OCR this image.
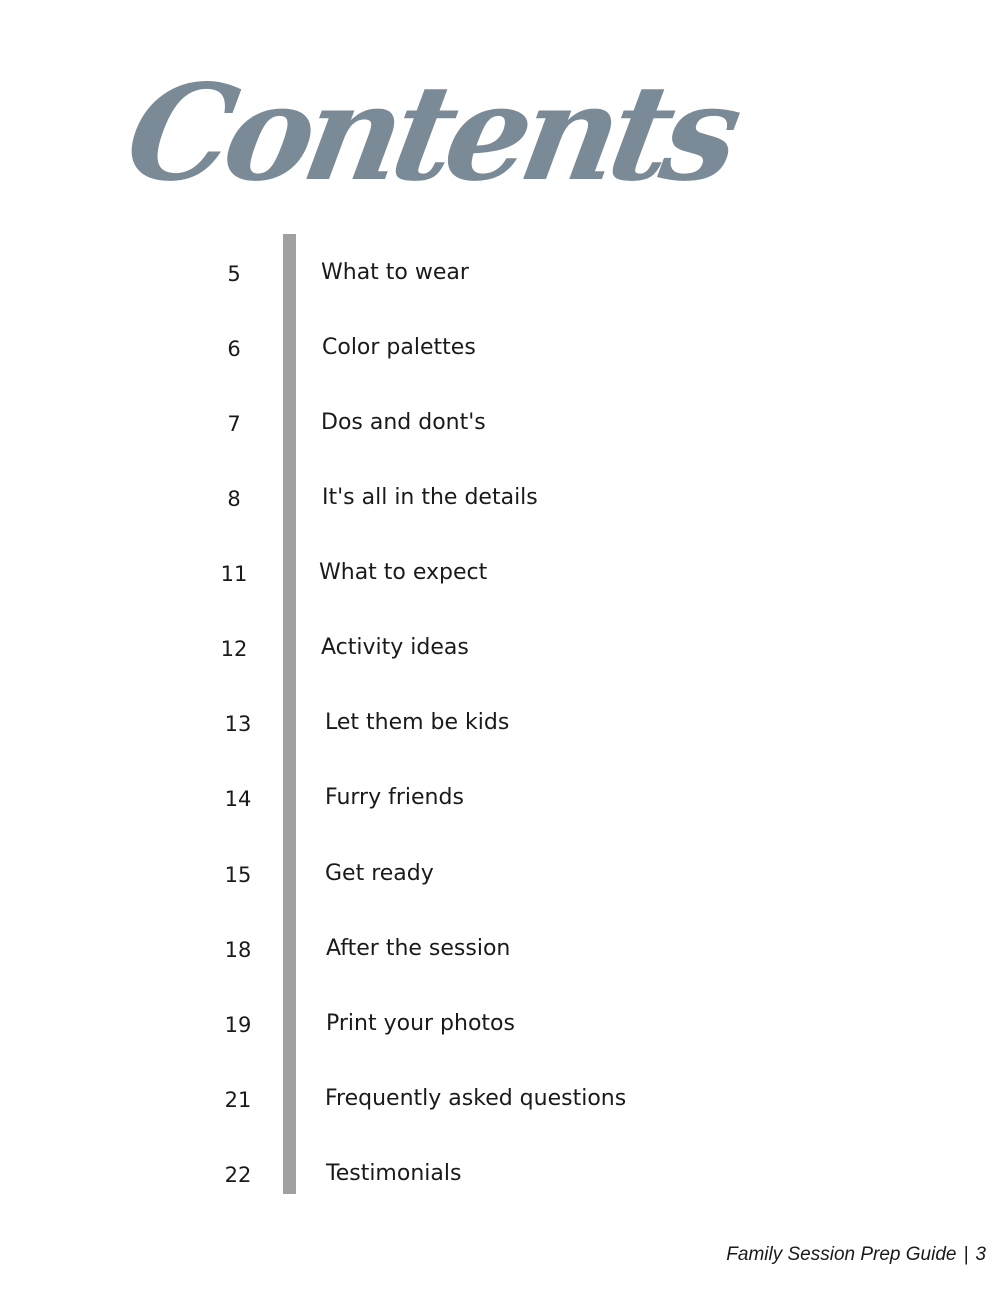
Contents
5	What to wear
6	Color palettes
7	Dos and dont's
8	It's all in the details
11	What to expect
12	Activity ideas
13	Let them be kids
14	Furry friends
15	Get ready
18	After the session
19	Print your photos
21	Frequently asked questions
22	Testimonials
Family Session Prep Guide | 3
